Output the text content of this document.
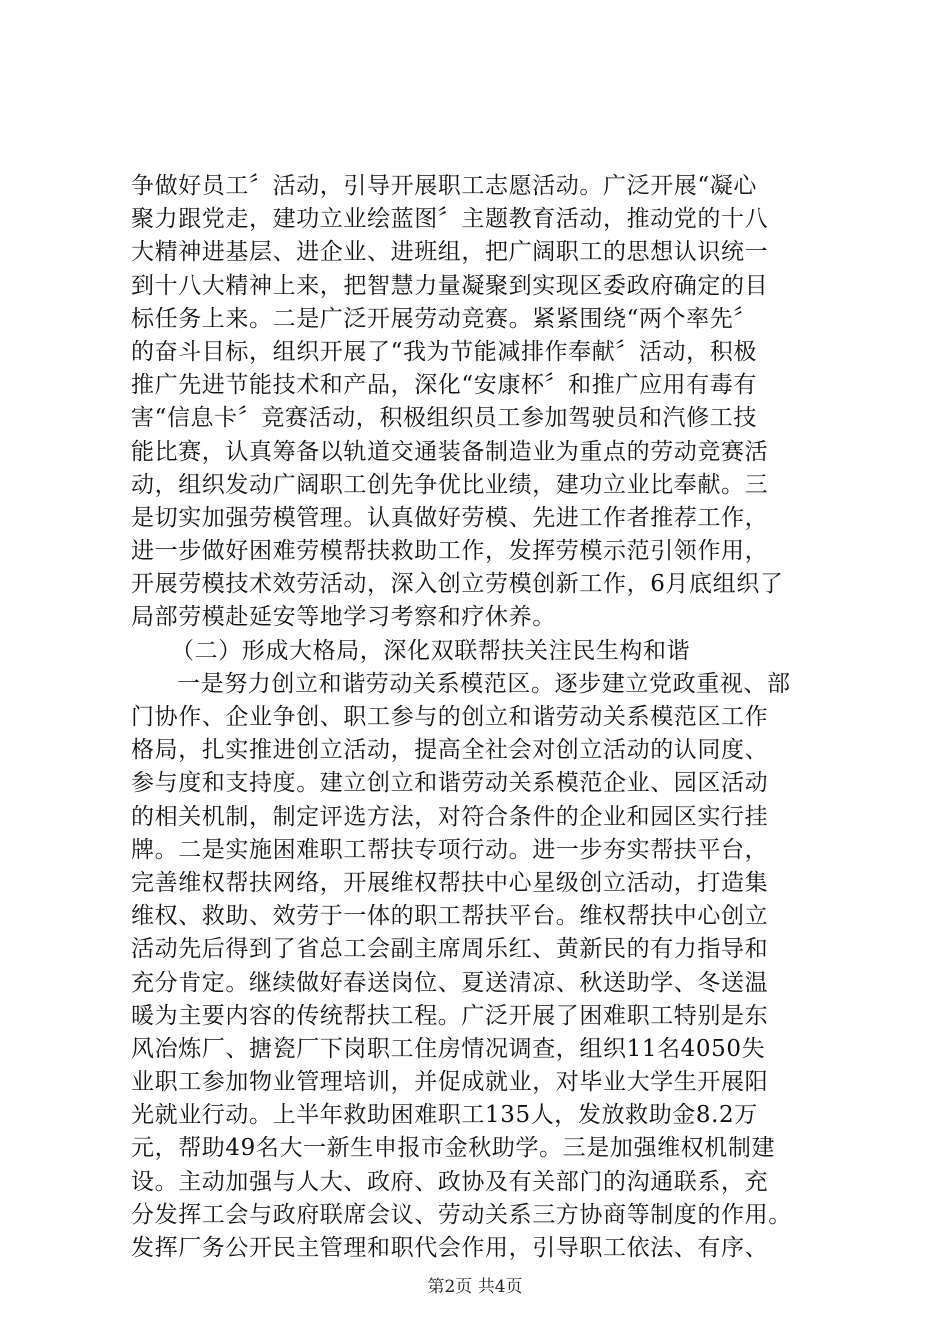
争做好员工〞活动，引导开展职工志愿活动。广泛开展“凝心
聚力跟党走，建功立业绘蓝图〞主题教育活动，推动党的十八
大精神进基层、进企业、进班组，把广阔职工的思想认识统一
到十八大精神上来，把智慧力量凝聚到实现区委政府确定的目
标任务上来。二是广泛开展劳动竞赛。紧紧围绕“两个率先〞
的奋斗目标，组织开展了“我为节能减排作奉献〞活动，积极
推广先进节能技术和产品，深化“安康杯〞和推广应用有毒有
害“信息卡〞竞赛活动，积极组织员工参加驾驶员和汽修工技
能比赛，认真筹备以轨道交通装备制造业为重点的劳动竞赛活
动，组织发动广阔职工创先争优比业绩，建功立业比奉献。三
是切实加强劳模管理。认真做好劳模、先进工作者推荐工作，
进一步做好困难劳模帮扶救助工作，发挥劳模示范引领作用，
开展劳模技术效劳活动，深入创立劳模创新工作，6月底组织了
局部劳模赴延安等地学习考察和疗休养。
（二）形成大格局，深化双联帮扶关注民生构和谐
一是努力创立和谐劳动关系模范区。逐步建立党政重视、部
门协作、企业争创、职工参与的创立和谐劳动关系模范区工作
格局，扎实推进创立活动，提高全社会对创立活动的认同度、
参与度和支持度。建立创立和谐劳动关系模范企业、园区活动
的相关机制，制定评选方法，对符合条件的企业和园区实行挂
牌。二是实施困难职工帮扶专项行动。进一步夯实帮扶平台，
完善维权帮扶网络，开展维权帮扶中心星级创立活动，打造集
维权、救助、效劳于一体的职工帮扶平台。维权帮扶中心创立
活动先后得到了省总工会副主席周乐红、黄新民的有力指导和
充分肯定。继续做好春送岗位、夏送清凉、秋送助学、冬送温
暖为主要内容的传统帮扶工程。广泛开展了困难职工特别是东
风冶炼厂、搪瓷厂下岗职工住房情况调查，组织11名4050失
业职工参加物业管理培训，并促成就业，对毕业大学生开展阳
光就业行动。上半年救助困难职工135人，发放救助金8.2万
元，帮助49名大一新生申报市金秋助学。三是加强维权机制建
设。主动加强与人大、政府、政协及有关部门的沟通联系，充
分发挥工会与政府联席会议、劳动关系三方协商等制度的作用。
发挥厂务公开民主管理和职代会作用，引导职工依法、有序、
第2页 共4页
